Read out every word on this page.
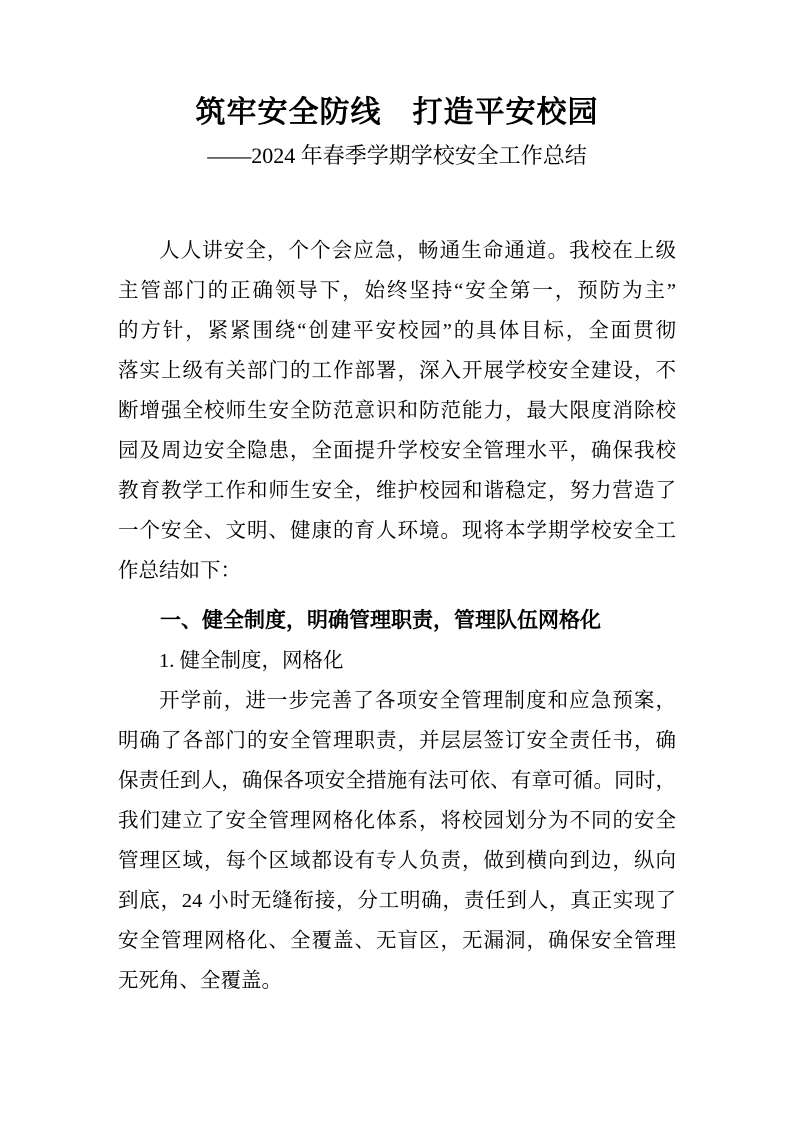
筑牢安全防线　打造平安校园
——2024 年春季学期学校安全工作总结
人人讲安全，个个会应急，畅通生命通道。我校在上级
主管部门的正确领导下，始终坚持“安全第一，预防为主”
的方针，紧紧围绕“创建平安校园”的具体目标，全面贯彻
落实上级有关部门的工作部署，深入开展学校安全建设，不
断增强全校师生安全防范意识和防范能力，最大限度消除校
园及周边安全隐患，全面提升学校安全管理水平，确保我校
教育教学工作和师生安全，维护校园和谐稳定，努力营造了
一个安全、文明、健康的育人环境。现将本学期学校安全工
作总结如下：
一、健全制度，明确管理职责，管理队伍网格化
1. 健全制度，网格化
开学前，进一步完善了各项安全管理制度和应急预案，
明确了各部门的安全管理职责，并层层签订安全责任书，确
保责任到人，确保各项安全措施有法可依、有章可循。同时，
我们建立了安全管理网格化体系，将校园划分为不同的安全
管理区域，每个区域都设有专人负责，做到横向到边，纵向
到底，24 小时无缝衔接，分工明确，责任到人，真正实现了
安全管理网格化、全覆盖、无盲区，无漏洞，确保安全管理
无死角、全覆盖。
